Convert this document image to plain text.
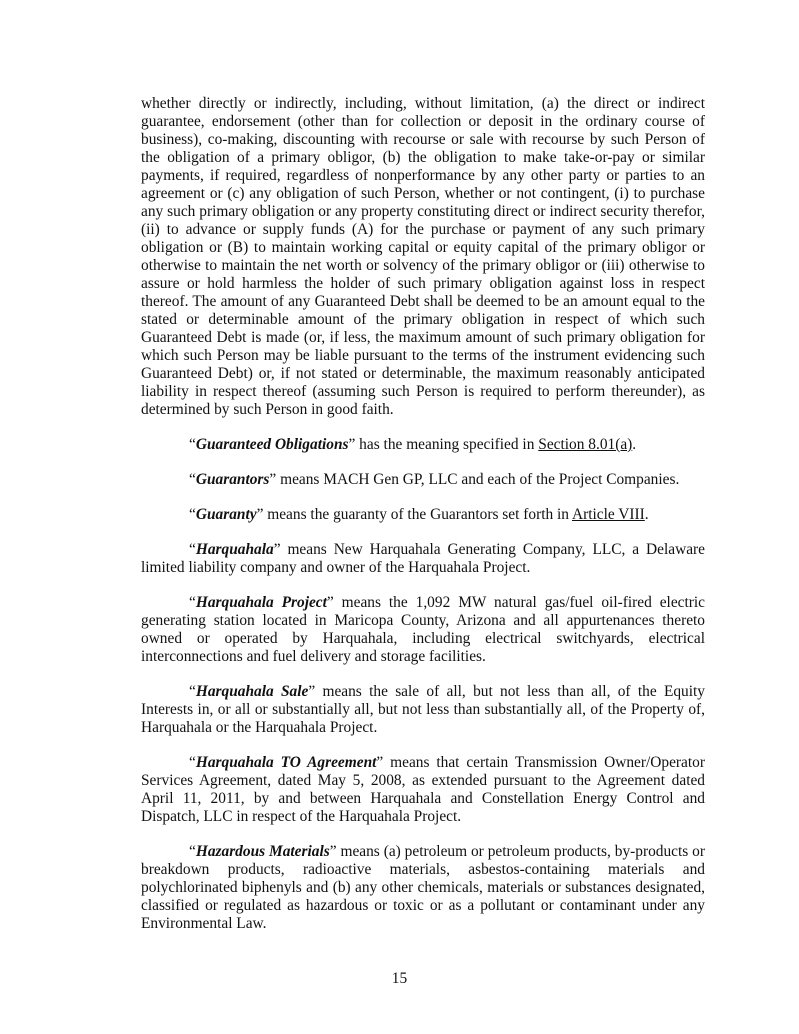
whether directly or indirectly, including, without limitation, (a) the direct or indirect guarantee, endorsement (other than for collection or deposit in the ordinary course of business), co-making, discounting with recourse or sale with recourse by such Person of the obligation of a primary obligor, (b) the obligation to make take-or-pay or similar payments, if required, regardless of nonperformance by any other party or parties to an agreement or (c) any obligation of such Person, whether or not contingent, (i) to purchase any such primary obligation or any property constituting direct or indirect security therefor, (ii) to advance or supply funds (A) for the purchase or payment of any such primary obligation or (B) to maintain working capital or equity capital of the primary obligor or otherwise to maintain the net worth or solvency of the primary obligor or (iii) otherwise to assure or hold harmless the holder of such primary obligation against loss in respect thereof. The amount of any Guaranteed Debt shall be deemed to be an amount equal to the stated or determinable amount of the primary obligation in respect of which such Guaranteed Debt is made (or, if less, the maximum amount of such primary obligation for which such Person may be liable pursuant to the terms of the instrument evidencing such Guaranteed Debt) or, if not stated or determinable, the maximum reasonably anticipated liability in respect thereof (assuming such Person is required to perform thereunder), as determined by such Person in good faith.

“Guaranteed Obligations” has the meaning specified in Section 8.01(a).

“Guarantors” means MACH Gen GP, LLC and each of the Project Companies.

“Guaranty” means the guaranty of the Guarantors set forth in Article VIII.

“Harquahala” means New Harquahala Generating Company, LLC, a Delaware limited liability company and owner of the Harquahala Project.

“Harquahala Project” means the 1,092 MW natural gas/fuel oil-fired electric generating station located in Maricopa County, Arizona and all appurtenances thereto owned or operated by Harquahala, including electrical switchyards, electrical interconnections and fuel delivery and storage facilities.

“Harquahala Sale” means the sale of all, but not less than all, of the Equity Interests in, or all or substantially all, but not less than substantially all, of the Property of, Harquahala or the Harquahala Project.

“Harquahala TO Agreement” means that certain Transmission Owner/Operator Services Agreement, dated May 5, 2008, as extended pursuant to the Agreement dated April 11, 2011, by and between Harquahala and Constellation Energy Control and Dispatch, LLC in respect of the Harquahala Project.

“Hazardous Materials” means (a) petroleum or petroleum products, by-products or breakdown products, radioactive materials, asbestos-containing materials and polychlorinated biphenyls and (b) any other chemicals, materials or substances designated, classified or regulated as hazardous or toxic or as a pollutant or contaminant under any Environmental Law.

15
